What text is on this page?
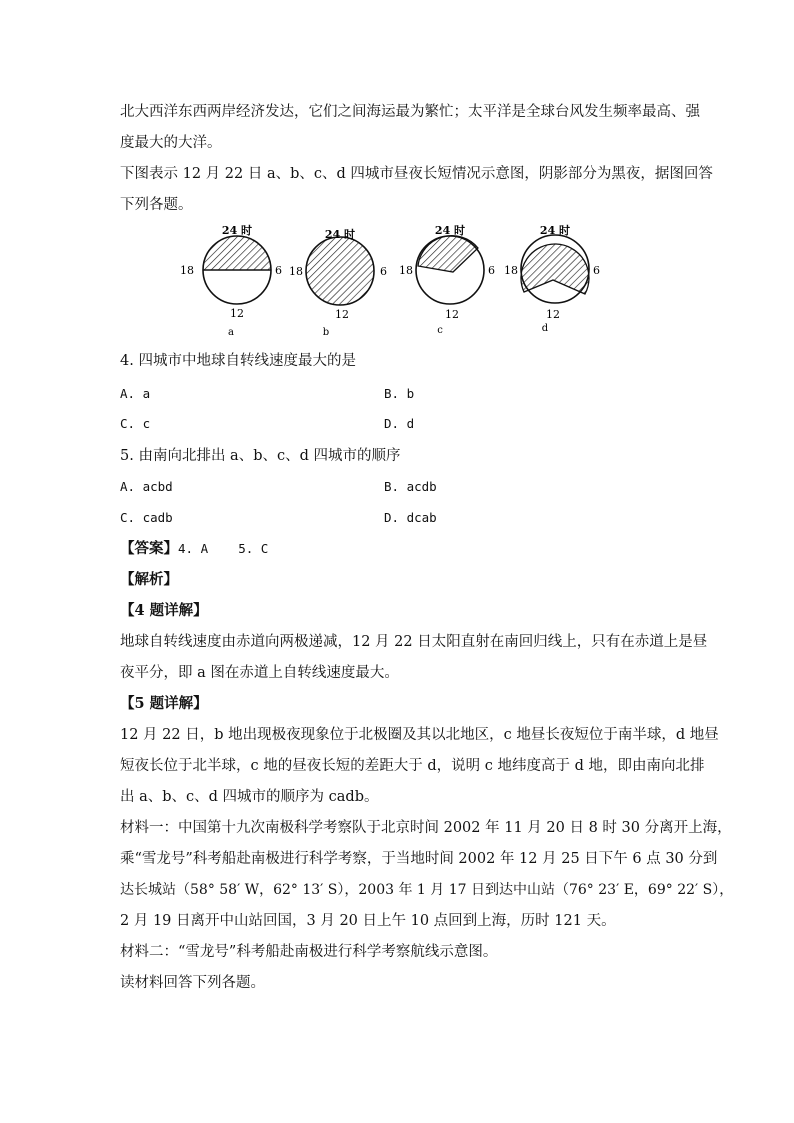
北大西洋东西两岸经济发达，它们之间海运最为繁忙；太平洋是全球台风发生频率最高、强
度最大的大洋。
下图表示 12 月 22 日 a、b、c、d 四城市昼夜长短情况示意图，阴影部分为黑夜，据图回答
下列各题。
24 时
18	6
12
a
24 时
18	6
12
b
24 时
18	6
12
c
24 时
18	6
12
d
4. 四城市中地球自转线速度最大的是
A. a	B. b
C. c	D. d
5. 由南向北排出 a、b、c、d 四城市的顺序
A. acbd	B. acdb
C. cadb	D. dcab
【答案】4. A    5. C
【解析】
【4 题详解】
地球自转线速度由赤道向两极递减，12 月 22 日太阳直射在南回归线上，只有在赤道上是昼
夜平分，即 a 图在赤道上自转线速度最大。
【5 题详解】
12 月 22 日，b 地出现极夜现象位于北极圈及其以北地区，c 地昼长夜短位于南半球，d 地昼
短夜长位于北半球，c 地的昼夜长短的差距大于 d，说明 c 地纬度高于 d 地，即由南向北排
出 a、b、c、d 四城市的顺序为 cadb。
材料一：中国第十九次南极科学考察队于北京时间 2002 年 11 月 20 日 8 时 30 分离开上海，
乘“雪龙号”科考船赴南极进行科学考察，于当地时间 2002 年 12 月 25 日下午 6 点 30 分到
达长城站（58° 58′ W，62° 13′ S），2003 年 1 月 17 日到达中山站（76° 23′ E，69° 22′ S），
2 月 19 日离开中山站回国，3 月 20 日上午 10 点回到上海，历时 121 天。
材料二：“雪龙号”科考船赴南极进行科学考察航线示意图。
读材料回答下列各题。
